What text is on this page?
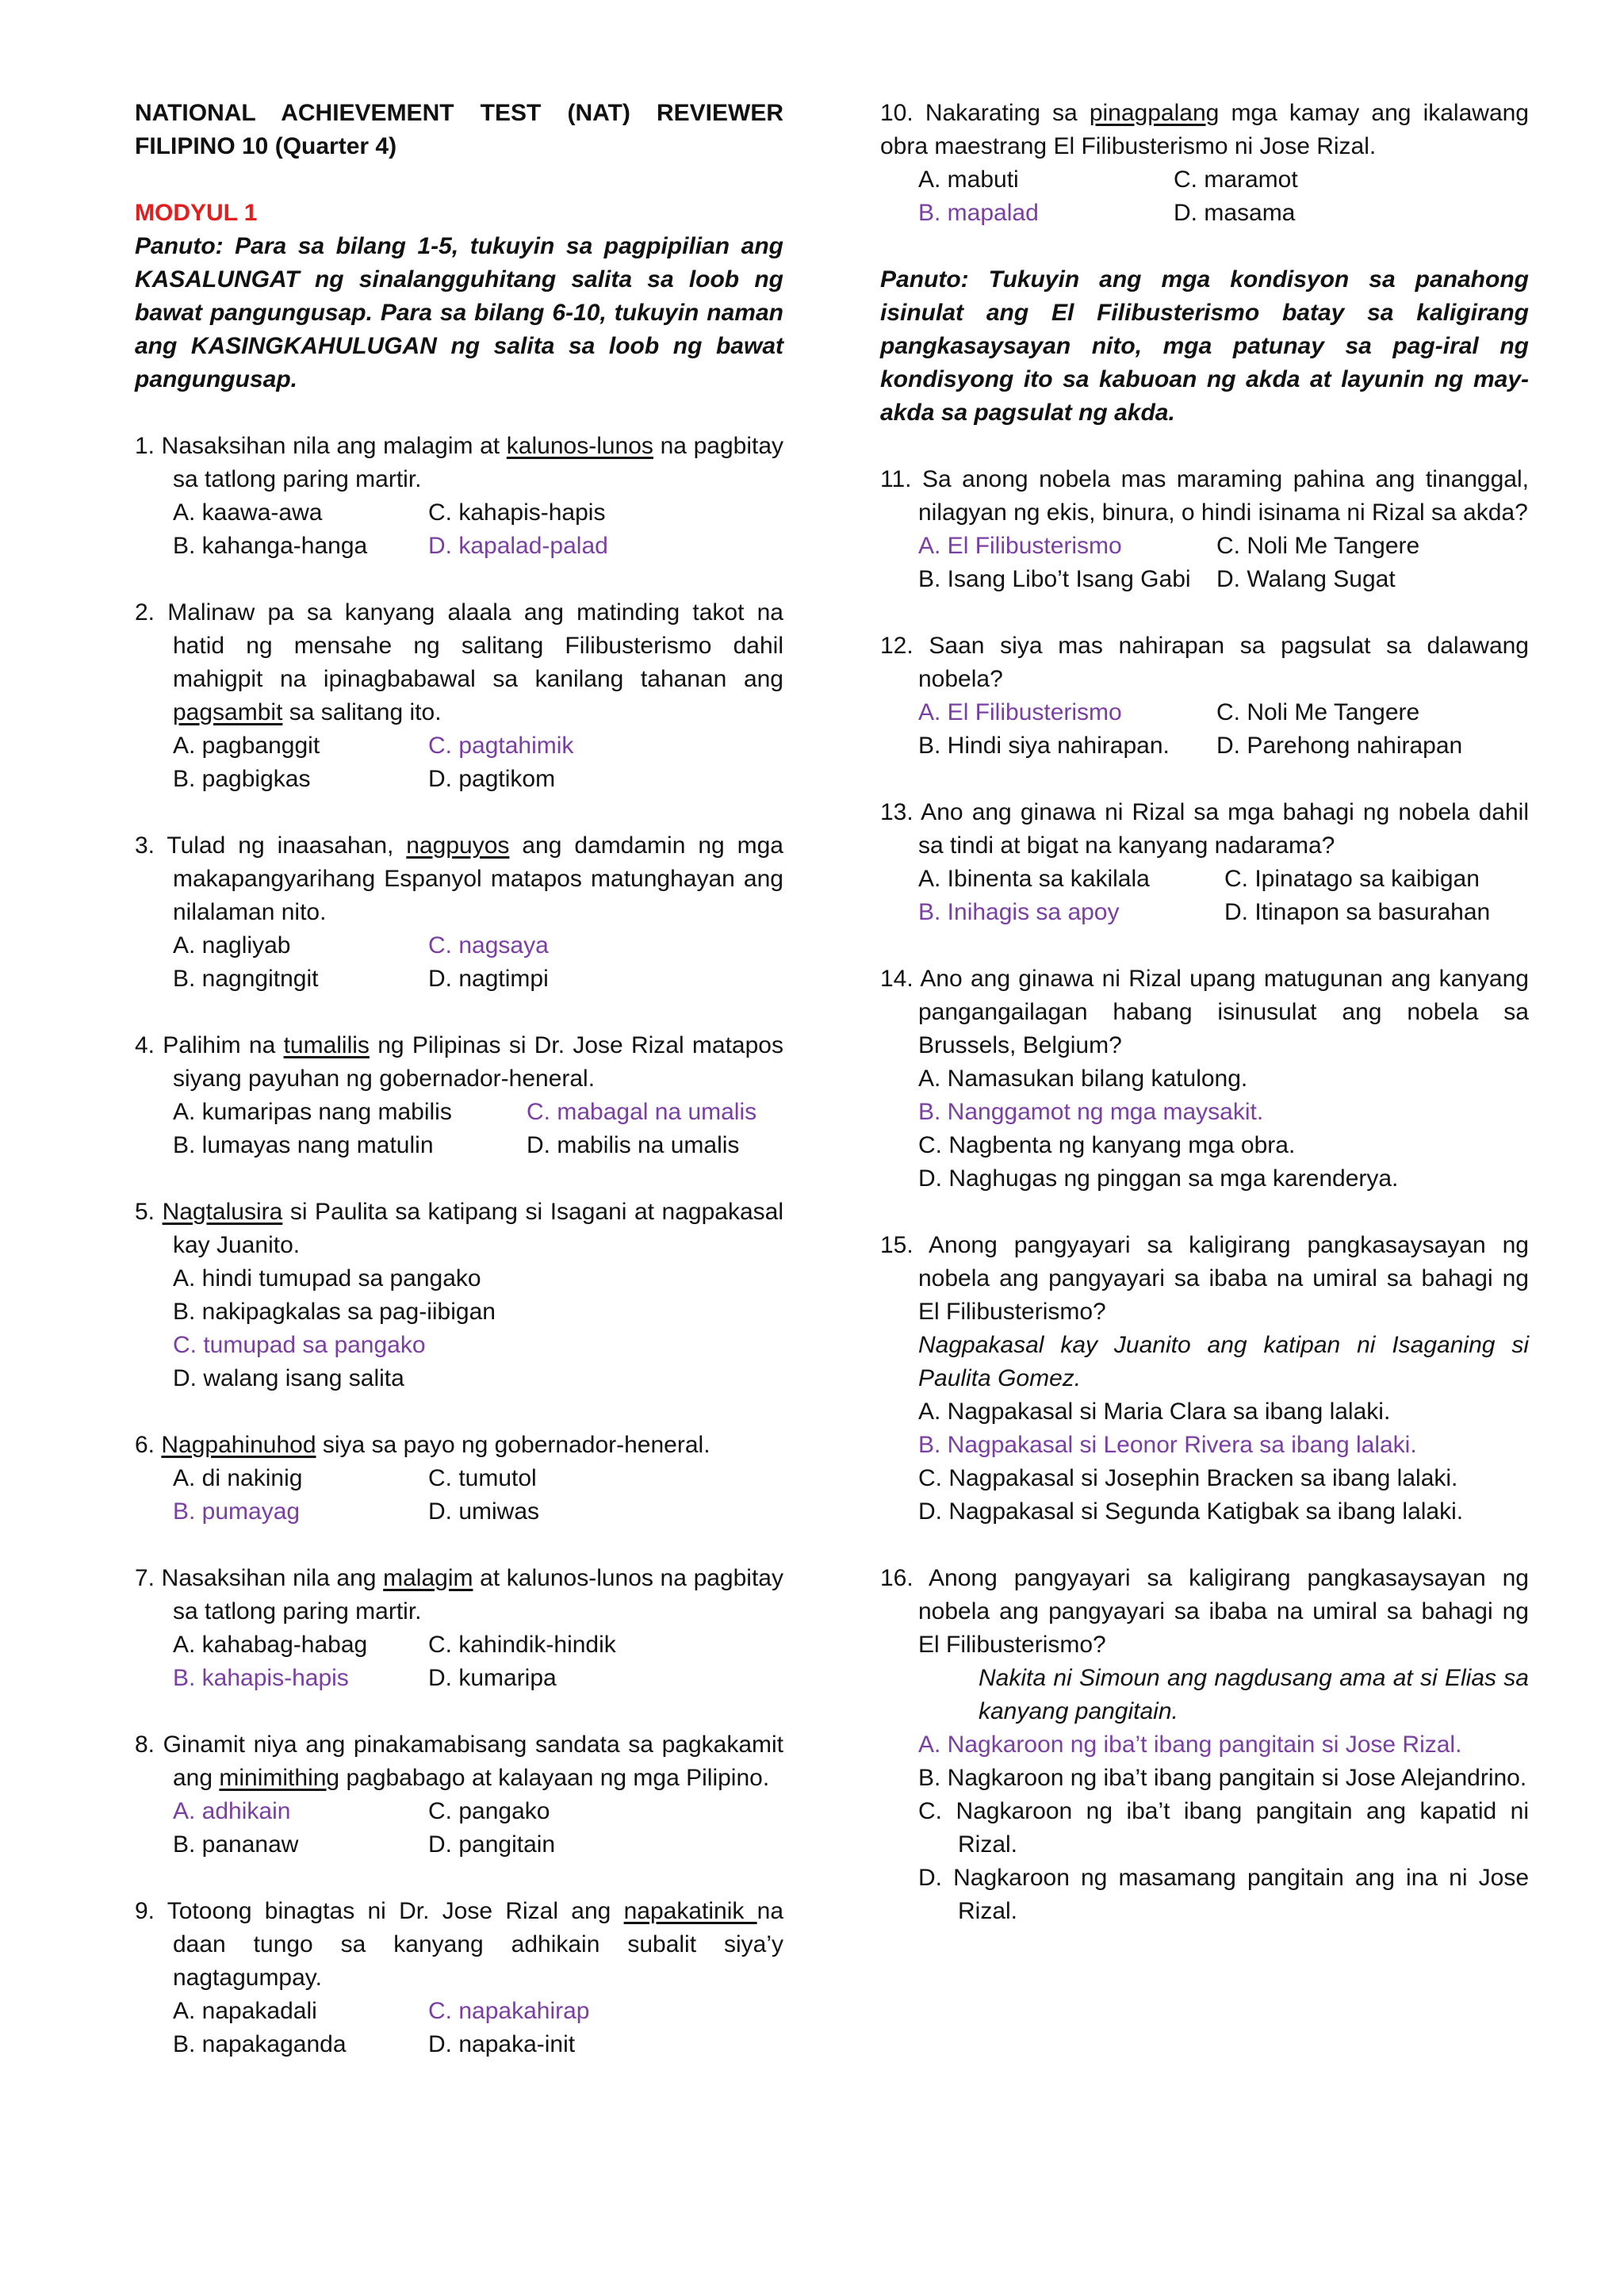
NATIONAL ACHIEVEMENT TEST (NAT) REVIEWER
FILIPINO 10 (Quarter 4)
MODYUL 1
Panuto: Para sa bilang 1-5, tukuyin sa pagpipilian ang KASALUNGAT ng sinalangguhitang salita sa loob ng bawat pangungusap. Para sa bilang 6-10, tukuyin naman ang KASINGKAHULUGAN ng salita sa loob ng bawat pangungusap.
1. Nasaksihan nila ang malagim at kalunos-lunos na pagbitay sa tatlong paring martir.
A. kaawa-awa	C. kahapis-hapis
B. kahanga-hanga	D. kapalad-palad
2. Malinaw pa sa kanyang alaala ang matinding takot na hatid ng mensahe ng salitang Filibusterismo dahil mahigpit na ipinagbabawal sa kanilang tahanan ang pagsambit sa salitang ito.
A. pagbanggit	C. pagtahimik
B. pagbigkas	D. pagtikom
3. Tulad ng inaasahan, nagpuyos ang damdamin ng mga makapangyarihang Espanyol matapos matunghayan ang nilalaman nito.
A. nagliyab	C. nagsaya
B. nagngitngit	D. nagtimpi
4. Palihim na tumalilis ng Pilipinas si Dr. Jose Rizal matapos siyang payuhan ng gobernador-heneral.
A. kumaripas nang mabilis	C. mabagal na umalis
B. lumayas nang matulin	D. mabilis na umalis
5. Nagtalusira si Paulita sa katipang si Isagani at nagpakasal kay Juanito.
A. hindi tumupad sa pangako
B. nakipagkalas sa pag-iibigan
C. tumupad sa pangako
D. walang isang salita
6. Nagpahinuhod siya sa payo ng gobernador-heneral.
A. di nakinig	C. tumutol
B. pumayag	D. umiwas
7. Nasaksihan nila ang malagim at kalunos-lunos na pagbitay sa tatlong paring martir.
A. kahabag-habag	C. kahindik-hindik
B. kahapis-hapis	D. kumaripa
8. Ginamit niya ang pinakamabisang sandata sa pagkakamit ang minimithing pagbabago at kalayaan ng mga Pilipino.
A. adhikain	C. pangako
B. pananaw	D. pangitain
9. Totoong binagtas ni Dr. Jose Rizal ang napakatinik na daan tungo sa kanyang adhikain subalit siya’y nagtagumpay.
A. napakadali	C. napakahirap
B. napakaganda	D. napaka-init
10. Nakarating sa pinagpalang mga kamay ang ikalawang obra maestrang El Filibusterismo ni Jose Rizal.
A. mabuti	C. maramot
B. mapalad	D. masama
Panuto: Tukuyin ang mga kondisyon sa panahong isinulat ang El Filibusterismo batay sa kaligirang pangkasaysayan nito, mga patunay sa pag-iral ng kondisyong ito sa kabuoan ng akda at layunin ng may-akda sa pagsulat ng akda.
11. Sa anong nobela mas maraming pahina ang tinanggal, nilagyan ng ekis, binura, o hindi isinama ni Rizal sa akda?
A. El Filibusterismo	C. Noli Me Tangere
B. Isang Libo’t Isang Gabi	D. Walang Sugat
12. Saan siya mas nahirapan sa pagsulat sa dalawang nobela?
A. El Filibusterismo	C. Noli Me Tangere
B. Hindi siya nahirapan.	D. Parehong nahirapan
13. Ano ang ginawa ni Rizal sa mga bahagi ng nobela dahil sa tindi at bigat na kanyang nadarama?
A. Ibinenta sa kakilala	C. Ipinatago sa kaibigan
B. Inihagis sa apoy	D. Itinapon sa basurahan
14. Ano ang ginawa ni Rizal upang matugunan ang kanyang pangangailagan habang isinusulat ang nobela sa Brussels, Belgium?
A. Namasukan bilang katulong.
B. Nanggamot ng mga maysakit.
C. Nagbenta ng kanyang mga obra.
D. Naghugas ng pinggan sa mga karenderya.
15. Anong pangyayari sa kaligirang pangkasaysayan ng nobela ang pangyayari sa ibaba na umiral sa bahagi ng El Filibusterismo?
Nagpakasal kay Juanito ang katipan ni Isaganing si Paulita Gomez.
A. Nagpakasal si Maria Clara sa ibang lalaki.
B. Nagpakasal si Leonor Rivera sa ibang lalaki.
C. Nagpakasal si Josephin Bracken sa ibang lalaki.
D. Nagpakasal si Segunda Katigbak sa ibang lalaki.
16. Anong pangyayari sa kaligirang pangkasaysayan ng nobela ang pangyayari sa ibaba na umiral sa bahagi ng El Filibusterismo?
Nakita ni Simoun ang nagdusang ama at si Elias sa kanyang pangitain.
A. Nagkaroon ng iba’t ibang pangitain si Jose Rizal.
B. Nagkaroon ng iba’t ibang pangitain si Jose Alejandrino.
C. Nagkaroon ng iba’t ibang pangitain ang kapatid ni Rizal.
D. Nagkaroon ng masamang pangitain ang ina ni Jose Rizal.
